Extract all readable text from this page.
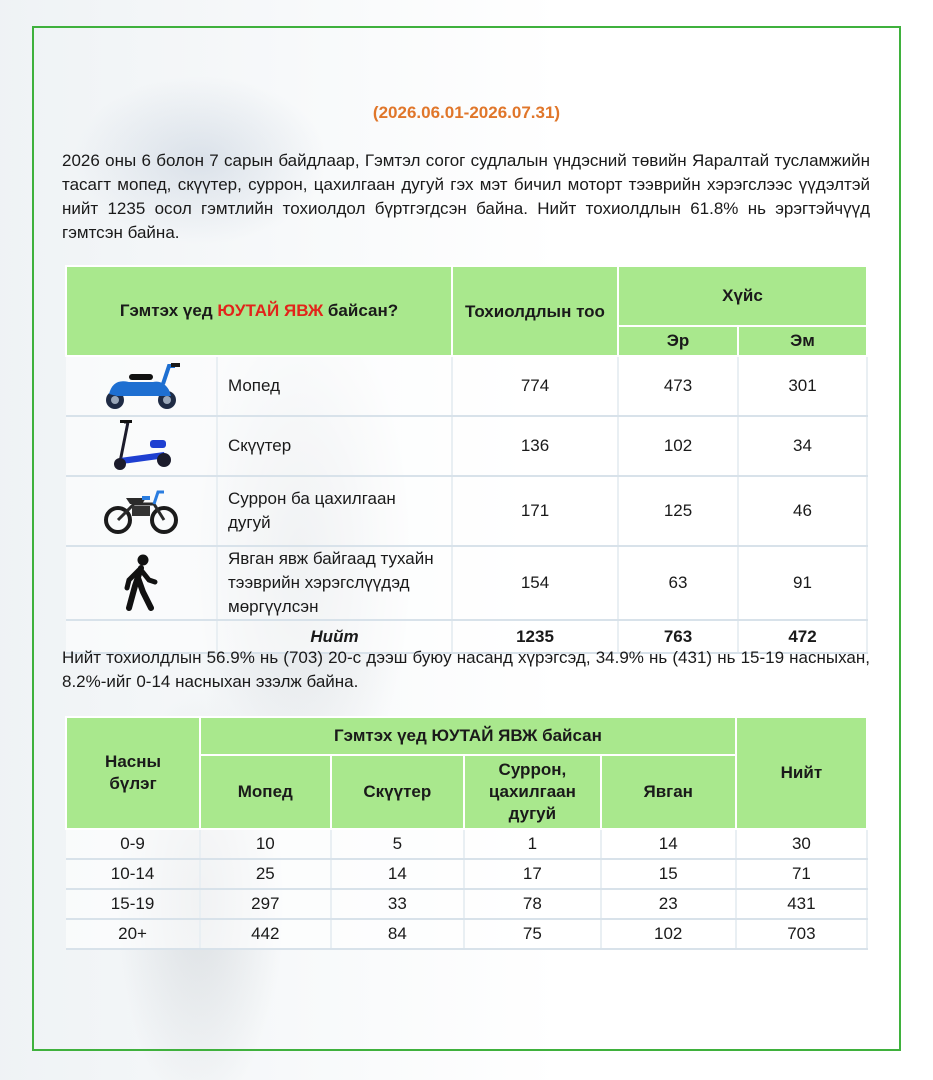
(2026.06.01-2026.07.31)
2026 оны 6 болон 7 сарын байдлаар, Гэмтэл согог судлалын үндэсний төвийн Яаралтай тусламжийн тасагт мопед, скүүтер, суррон, цахилгаан дугуй гэх мэт бичил моторт тээврийн хэрэгслээс үүдэлтэй нийт 1235 осол гэмтлийн тохиолдол бүртгэгдсэн байна. Нийт тохиолдлын 61.8% нь эрэгтэйчүүд гэмтсэн байна.
Гэмтэх үед ЮУТАЙ ЯВЖ байсан?		Тохиолдлын тоо	Хүйс	
			Эр	Эм

	Мопед	774	473	301

	Скүүтер	136	102	34

	Суррон ба цахилгаан дугуй	171	125	46

	Явган явж байгаад тухайн тээврийн хэрэгслүүдэд мөргүүлсэн	154	63	91
	Нийт	1235	763	472
Нийт тохиолдлын 56.9% нь (703) 20-с дээш буюу насанд хүрэгсэд, 34.9% нь (431) нь 15-19 насныхан, 8.2%-ийг 0-14 насныхан эзэлж байна.
Насны бүлэг	Гэмтэх үед ЮУТАЙ ЯВЖ байсан				Нийт
	Мопед	Скүүтер	Суррон, цахилгаан дугуй	Явган	
0-9	10	5	1	14	30
10-14	25	14	17	15	71
15-19	297	33	78	23	431
20+	442	84	75	102	703
